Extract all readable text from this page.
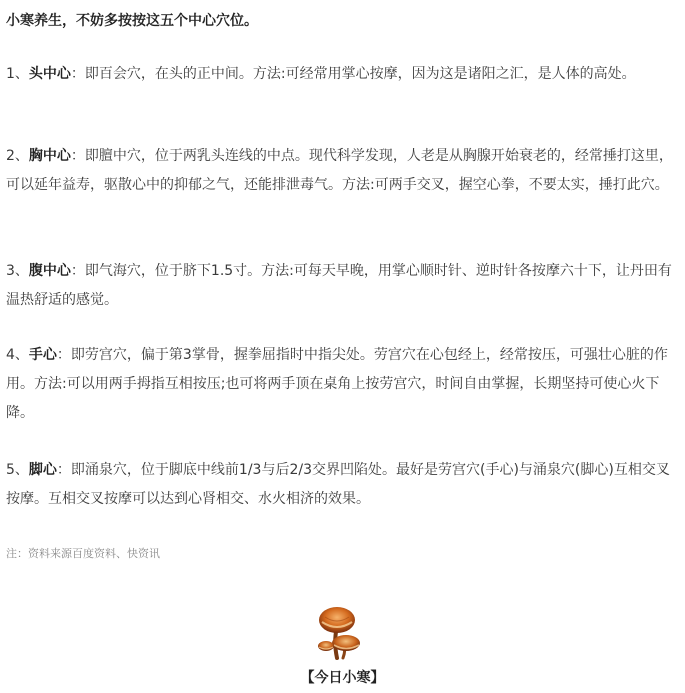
小寒养生，不妨多按按这五个中心穴位。
1、头中心：即百会穴，在头的正中间。方法:可经常用掌心按摩，因为这是诸阳之汇，是人体的高处。
2、胸中心：即膻中穴，位于两乳头连线的中点。现代科学发现，人老是从胸腺开始衰老的，经常捶打这里，可以延年益寿，驱散心中的抑郁之气，还能排泄毒气。方法:可两手交叉，握空心拳，不要太实，捶打此穴。
3、腹中心：即气海穴，位于脐下1.5寸。方法:可每天早晚，用掌心顺时针、逆时针各按摩六十下，让丹田有温热舒适的感觉。
4、手心：即劳宫穴，偏于第3掌骨，握拳屈指时中指尖处。劳宫穴在心包经上，经常按压，可强壮心脏的作用。方法:可以用两手拇指互相按压;也可将两手顶在桌角上按劳宫穴，时间自由掌握，长期坚持可使心火下降。
5、脚心：即涌泉穴，位于脚底中线前1/3与后2/3交界凹陷处。最好是劳宫穴(手心)与涌泉穴(脚心)互相交叉按摩。互相交叉按摩可以达到心肾相交、水火相济的效果。
注：资料来源百度资料、快资讯
【今日小寒】
